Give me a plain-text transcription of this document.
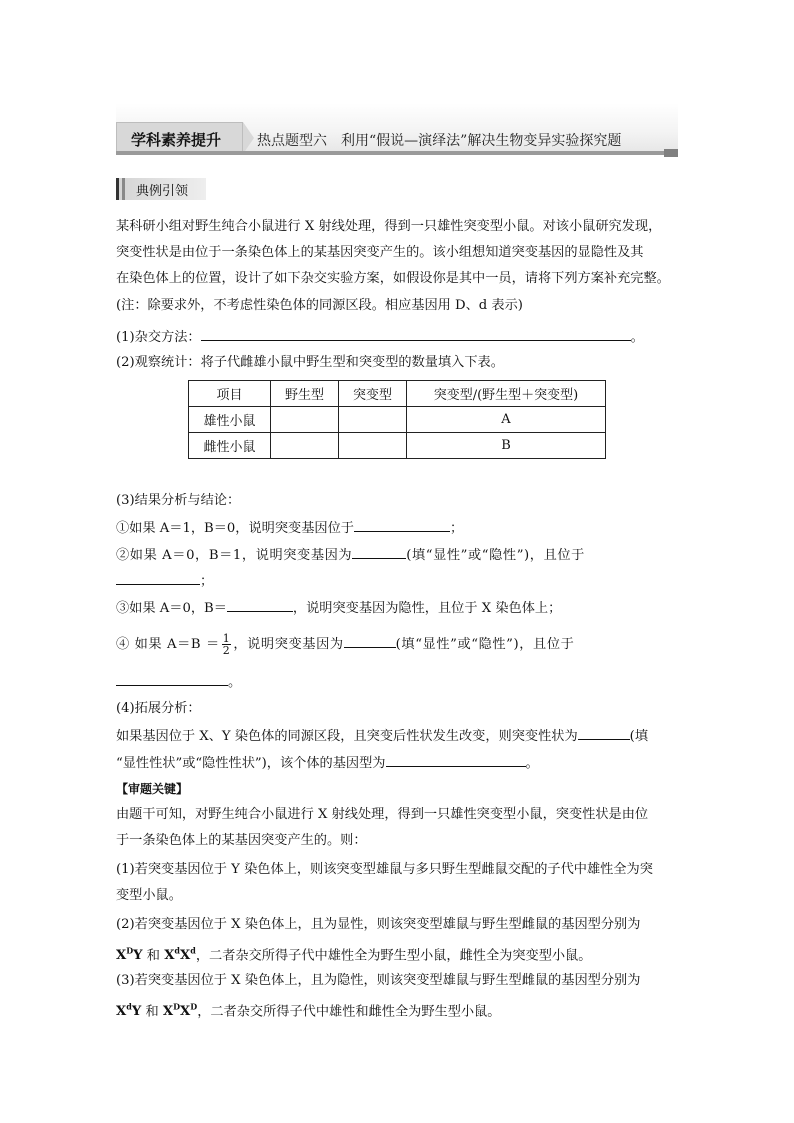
学科素养提升	热点题型六　利用“假说—演绎法”解决生物变异实验探究题
典例引领
某科研小组对野生纯合小鼠进行 X 射线处理，得到一只雄性突变型小鼠。对该小鼠研究发现，
突变性状是由位于一条染色体上的某基因突变产生的。该小组想知道突变基因的显隐性及其
在染色体上的位置，设计了如下杂交实验方案，如假设你是其中一员，请将下列方案补充完整。
(注：除要求外，不考虑性染色体的同源区段。相应基因用 D、d 表示)
(1)杂交方法：	。
(2)观察统计：将子代雌雄小鼠中野生型和突变型的数量填入下表。
项目	野生型	突变型	突变型/(野生型＋突变型)
雄性小鼠			A
雌性小鼠			B
(3)结果分析与结论：
①如果 A＝1，B＝0，说明突变基因位于	；
②如果 A＝0，B＝1，说明突变基因为	(填“显性”或“隐性”)，且位于
；
③如果 A＝0，B＝	，说明突变基因为隐性，且位于 X 染色体上；
④ 如果 $A=B = \frac{1}{2}$ ，说明突变基因为	(填“显性”或“隐性”)，且位于
。
(4)拓展分析：
如果基因位于 X、Y 染色体的同源区段，且突变后性状发生改变，则突变性状为	(填
“显性性状”或“隐性性状”)，该个体的基因型为	。
【审题关键】
由题干可知，对野生纯合小鼠进行 X 射线处理，得到一只雄性突变型小鼠，突变性状是由位
于一条染色体上的某基因突变产生的。则：
(1)若突变基因位于 Y 染色体上，则该突变型雄鼠与多只野生型雌鼠交配的子代中雄性全为突
变型小鼠。
(2)若突变基因位于 X 染色体上，且为显性，则该突变型雄鼠与野生型雌鼠的基因型分别为
$X^DY$ 和 $X^dX^d$，二者杂交所得子代中雄性全为野生型小鼠，雌性全为突变型小鼠。
(3)若突变基因位于 X 染色体上，且为隐性，则该突变型雄鼠与野生型雌鼠的基因型分别为
$X^dY$ 和 $X^DX^D$，二者杂交所得子代中雄性和雌性全为野生型小鼠。
